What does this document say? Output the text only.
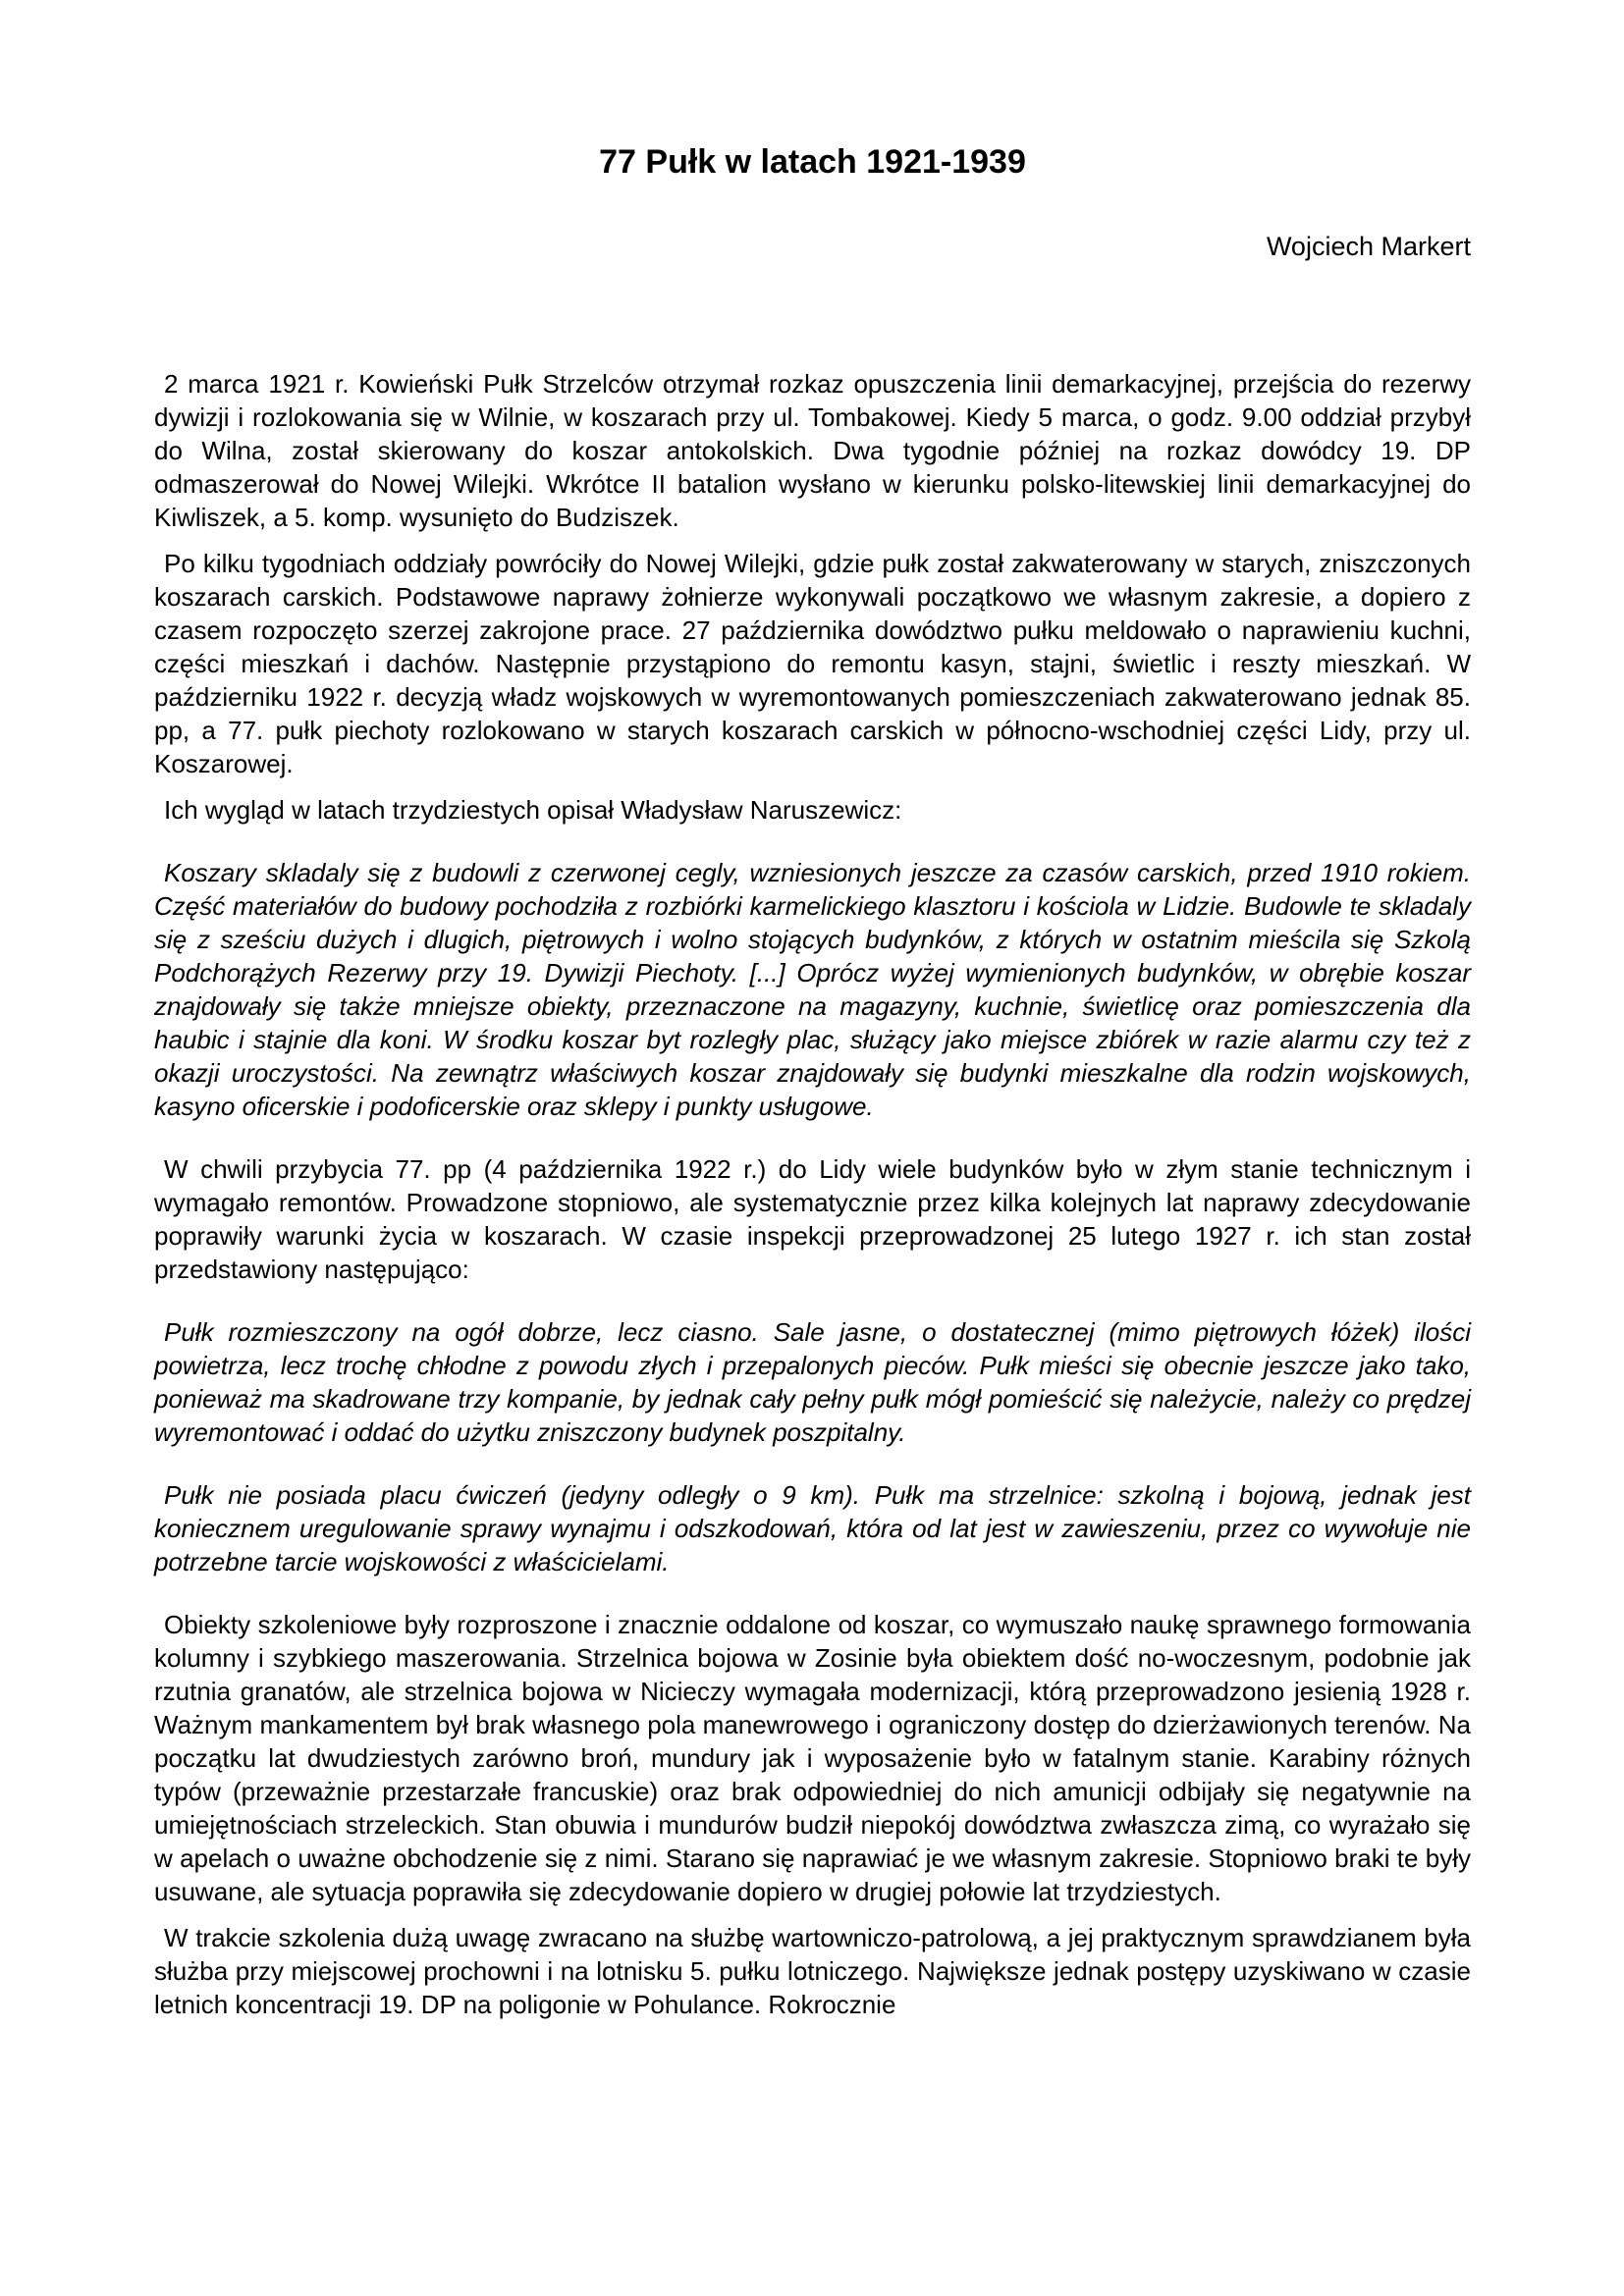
77 Pułk w latach 1921-1939
Wojciech Markert

2 marca 1921 r. Kowieński Pułk Strzelców otrzymał rozkaz opuszczenia linii demarkacyjnej, przejścia do rezerwy dywizji i rozlokowania się w Wilnie, w koszarach przy ul. Tombakowej. Kiedy 5 marca, o godz. 9.00 oddział przybył do Wilna, został skierowany do koszar antokolskich. Dwa tygodnie później na rozkaz dowódcy 19. DP odmaszerował do Nowej Wilejki. Wkrótce II batalion wysłano w kierunku polsko-litewskiej linii demarkacyjnej do Kiwliszek, a 5. komp. wysunięto do Budziszek.

Po kilku tygodniach oddziały powróciły do Nowej Wilejki, gdzie pułk został zakwaterowany w starych, zniszczonych koszarach carskich. Podstawowe naprawy żołnierze wykonywali początkowo we własnym zakresie, a dopiero z czasem rozpoczęto szerzej zakrojone prace. 27 października dowództwo pułku meldowało o naprawieniu kuchni, części mieszkań i dachów. Następnie przystąpiono do remontu kasyn, stajni, świetlic i reszty mieszkań. W październiku 1922 r. decyzją władz wojskowych w wyremontowanych pomieszczeniach zakwaterowano jednak 85. pp, a 77. pułk piechoty rozlokowano w starych koszarach carskich w północno-wschodniej części Lidy, przy ul. Koszarowej.

Ich wygląd w latach trzydziestych opisał Władysław Naruszewicz:

Koszary skladaly się z budowli z czerwonej cegly, wzniesionych jeszcze za czasów carskich, przed 1910 rokiem. Część materiałów do budowy pochodziła z rozbiórki karmelickiego klasztoru i kościola w Lidzie. Budowle te skladaly się z sześciu dużych i dlugich, piętrowych i wolno stojących budynków, z których w ostatnim mieścila się Szkolą Podchorążych Rezerwy przy 19. Dywizji Piechoty. [...] Oprócz wyżej wymienionych budynków, w obrębie koszar znajdowały się także mniejsze obiekty, przeznaczone na magazyny, kuchnie, świetlicę oraz pomieszczenia dla haubic i stajnie dla koni. W środku koszar byt rozległy plac, służący jako miejsce zbiórek w razie alarmu czy też z okazji uroczystości. Na zewnątrz właściwych koszar znajdowały się budynki mieszkalne dla rodzin wojskowych, kasyno oficerskie i podoficerskie oraz sklepy i punkty usługowe.

W chwili przybycia 77. pp (4 października 1922 r.) do Lidy wiele budynków było w złym stanie technicznym i wymagało remontów. Prowadzone stopniowo, ale systematycznie przez kilka kolejnych lat naprawy zdecydowanie poprawiły warunki życia w koszarach. W czasie inspekcji przeprowadzonej 25 lutego 1927 r. ich stan został przedstawiony następująco:

Pułk rozmieszczony na ogół dobrze, lecz ciasno. Sale jasne, o dostatecznej (mimo piętrowych łóżek) ilości powietrza, lecz trochę chłodne z powodu złych i przepalonych pieców. Pułk mieści się obecnie jeszcze jako tako, ponieważ ma skadrowane trzy kompanie, by jednak cały pełny pułk mógł pomieścić się należycie, należy co prędzej wyremontować i oddać do użytku zniszczony budynek poszpitalny.

Pułk nie posiada placu ćwiczeń (jedyny odległy o 9 km). Pułk ma strzelnice: szkolną i bojową, jednak jest koniecznem uregulowanie sprawy wynajmu i odszkodowań, która od lat jest w zawieszeniu, przez co wywołuje nie potrzebne tarcie wojskowości z właścicielami.

Obiekty szkoleniowe były rozproszone i znacznie oddalone od koszar, co wymuszało naukę sprawnego formowania kolumny i szybkiego maszerowania. Strzelnica bojowa w Zosinie była obiektem dość no-woczesnym, podobnie jak rzutnia granatów, ale strzelnica bojowa w Nicieczy wymagała modernizacji, którą przeprowadzono jesienią 1928 r. Ważnym mankamentem był brak własnego pola manewrowego i ograniczony dostęp do dzierżawionych terenów. Na początku lat dwudziestych zarówno broń, mundury jak i wyposażenie było w fatalnym stanie. Karabiny różnych typów (przeważnie przestarzałe francuskie) oraz brak odpowiedniej do nich amunicji odbijały się negatywnie na umiejętnościach strzeleckich. Stan obuwia i mundurów budził niepokój dowództwa zwłaszcza zimą, co wyrażało się w apelach o uważne obchodzenie się z nimi. Starano się naprawiać je we własnym zakresie. Stopniowo braki te były usuwane, ale sytuacja poprawiła się zdecydowanie dopiero w drugiej połowie lat trzydziestych.

W trakcie szkolenia dużą uwagę zwracano na służbę wartowniczo-patrolową, a jej praktycznym sprawdzianem była służba przy miejscowej prochowni i na lotnisku 5. pułku lotniczego. Największe jednak postępy uzyskiwano w czasie letnich koncentracji 19. DP na poligonie w Pohulance. Rokrocznie
